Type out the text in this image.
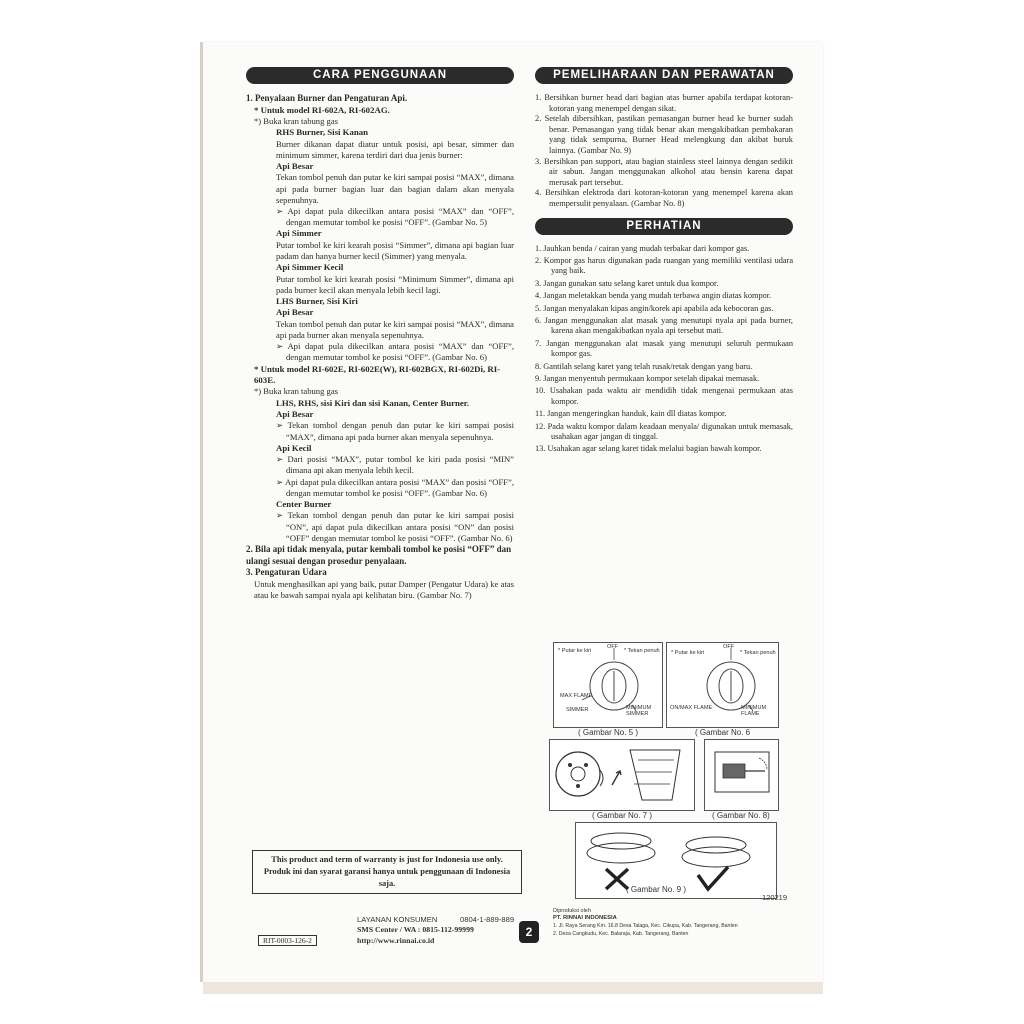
CARA PENGGUNAAN

1. Penyalaan Burner dan Pengaturan Api.

* Untuk model RI-602A, RI-602AG.

*) Buka kran tabung gas

RHS Burner, Sisi Kanan

Burner dikanan dapat diatur untuk posisi, api besar, simmer dan minimum simmer, karena terdiri dari dua jenis burner:

Api Besar

Tekan tombol penuh dan putar ke kiri sampai posisi “MAX”, dimana api pada burner bagian luar dan bagian dalam akan menyala sepenuhnya.

➢ Api dapat pula dikecilkan antara posisi “MAX” dan “OFF”, dengan memutar tombol ke posisi “OFF”. (Gambar No. 5)

Api Simmer

Putar tombol ke kiri kearah posisi “Simmer”, dimana api bagian luar padam dan hanya burner kecil (Simmer) yang menyala.

Api Simmer Kecil

Putar tombol ke kiri kearah posisi “Minimum Simmer”, dimana api pada burner kecil akan menyala lebih kecil lagi.

LHS Burner, Sisi Kiri

Api Besar

Tekan tombol penuh dan putar ke kiri sampai posisi “MAX”, dimana api pada burner akan menyala sepenuhnya.

➢ Api dapat pula dikecilkan antara posisi “MAX” dan “OFF”, dengan memutar tombol ke posisi “OFF”. (Gambar No. 6)

* Untuk model RI-602E, RI-602E(W), RI-602BGX, RI-602Di, RI-603E.

*) Buka kran tabung gas

LHS, RHS, sisi Kiri dan sisi Kanan, Center Burner.

Api Besar

➢ Tekan tombol dengan penuh dan putar ke kiri sampai posisi “MAX”, dimana api pada burner akan menyala sepenuhnya.

Api Kecil

➢ Dari posisi “MAX”, putar tombol ke kiri pada posisi “MIN” dimana api akan menyala lebih kecil.

➢ Api dapat pula dikecilkan antara posisi “MAX” dan posisi “OFF”, dengan memutar tombol ke posisi “OFF”. (Gambar No. 6)

Center Burner

➢ Tekan tombol dengan penuh dan putar ke kiri sampai posisi “ON”, api dapat pula dikecilkan antara posisi “ON” dan posisi “OFF” dengan memutar tombol ke posisi “OFF”. (Gambar No. 6)

2. Bila api tidak menyala, putar kembali tombol ke posisi “OFF” dan ulangi sesuai dengan prosedur penyalaan.

3. Pengaturan Udara

Untuk menghasilkan api yang baik, putar Damper (Pengatur Udara) ke atas atau ke bawah sampai nyala api kelihatan biru. (Gambar No. 7)

This product and term of warranty is just for Indonesia use only. Produk ini dan syarat garansi hanya untuk penggunaan di Indonesia saja.
PEMELIHARAAN DAN PERAWATAN

1. Bersihkan burner head dari bagian atas burner apabila terdapat kotoran-kotoran yang menempel dengan sikat.

2. Setelah dibersihkan, pastikan pemasangan burner head ke burner sudah benar. Pemasangan yang tidak benar akan mengakibatkan pembakaran yang tidak sempurna, Burner Head melengkung dan akibat buruk lainnya. (Gambar No. 9)

3. Bersihkan pan support, atau bagian stainless steel lainnya dengan sedikit air sabun. Jangan menggunakan alkohol atau bensin karena dapat merusak part tersebut.

4. Bersihkan elektroda dari kotoran-kotoran yang menempel karena akan mempersulit penyalaan. (Gambar No. 8)

PERHATIAN

1. Jauhkan benda / cairan yang mudah terbakar dari kompor gas.

2. Kompor gas harus digunakan pada ruangan yang memiliki ventilasi udara yang baik.

3. Jangan gunakan satu selang karet untuk dua kompor.

4. Jangan meletakkan benda yang mudah terbawa angin diatas kompor.

5. Jangan menyalakan kipas angin/korek api apabila ada kebocoran gas.

6. Jangan menggunakan alat masak yang menutupi nyala api pada burner, karena akan mengakibatkan nyala api tersebut mati.

7. Jangan menggunakan alat masak yang menutupi seluruh permukaan kompor gas.

8. Gantilah selang karet yang telah rusak/retak dengan yang baru.

9. Jangan menyentuh permukaan kompor setelah dipakai memasak.

10. Usahakan pada waktu air mendidih tidak mengenai permukaan atas kompor.

11. Jangan mengeringkan handuk, kain dll diatas kompor.

12. Pada waktu kompor dalam keadaan menyala/ digunakan untuk memasak, usahakan agar jangan di tinggal.

13. Usahakan agar selang karet tidak melalui bagian bawah kompor.

* Putar ke kiri
OFF
* Tekan penuh
MAX FLAME
SIMMER	MINIMUM SIMMER
( Gambar No. 5 )
* Putar ke kiri
OFF
* Tekan penuh
ON/MAX FLAME	MINIMUM FLAME
( Gambar No. 6
( Gambar No. 7 )	( Gambar No. 8)
( Gambar No. 9 )
120219
LAYANAN KONSUMEN	0804-1-889-889
SMS Center / WA : 0815-112-99999
http://www.rinnai.co.id
2
RIT-0003-126-2
Diproduksi oleh
PT. RINNAI INDONESIA
1. Jl. Raya Serang Km. 16.8 Desa Talaga, Kec. Cikupa, Kab. Tangerang, Banten
2. Desa Cangkudu, Kec. Balaraja, Kab. Tangerang, Banten
